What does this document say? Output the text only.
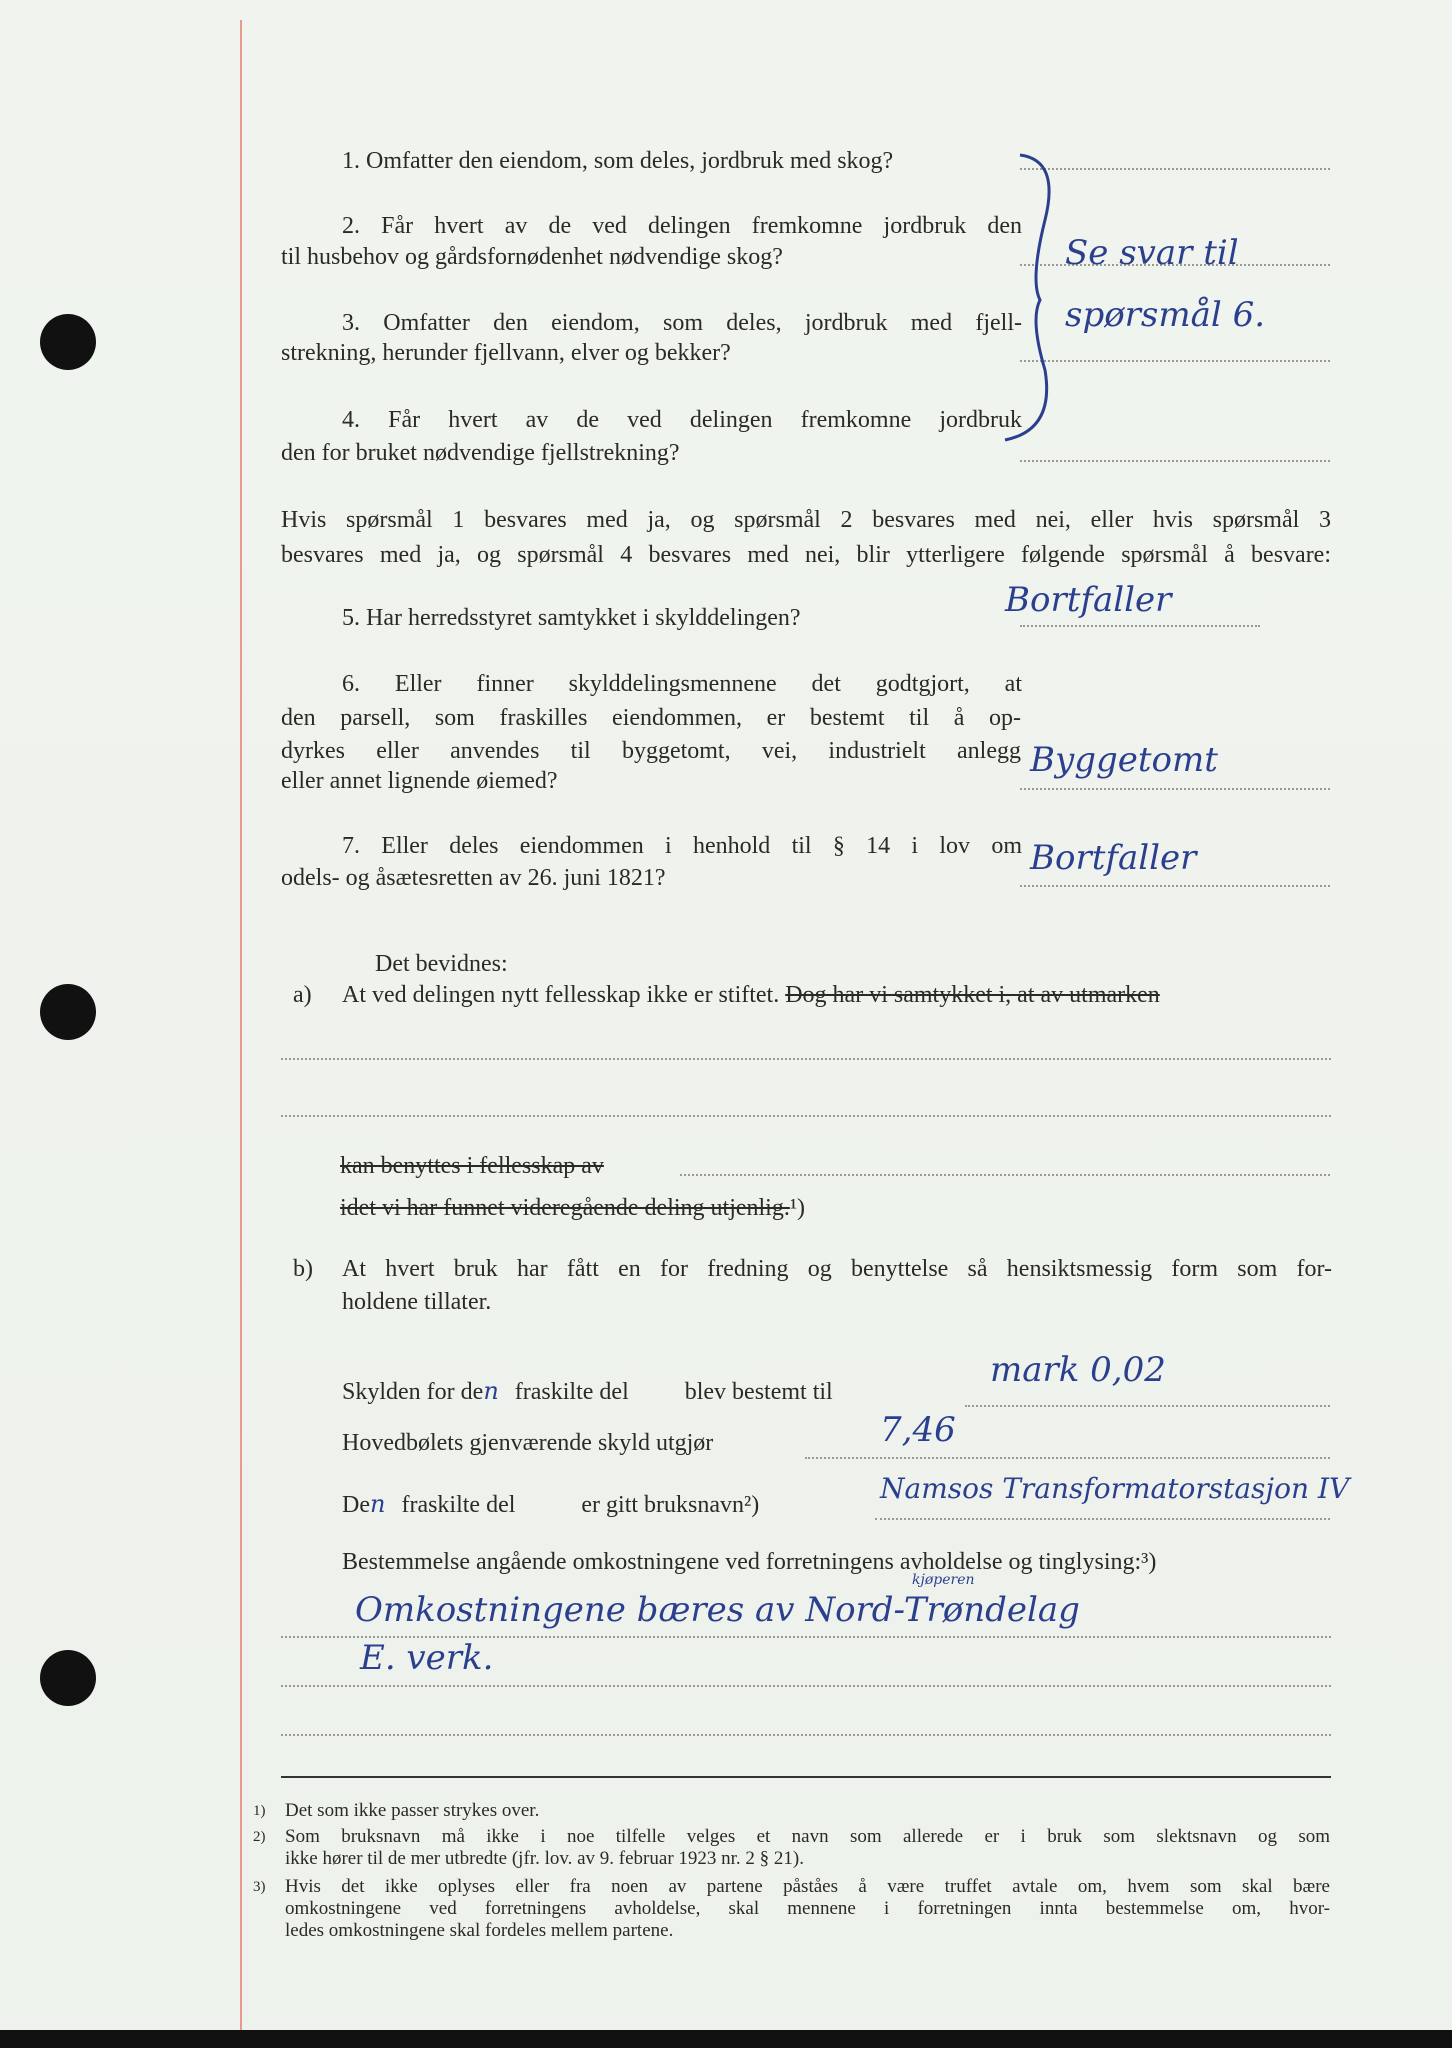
1. Omfatter den eiendom, som deles, jordbruk med skog?
2. Får hvert av de ved delingen fremkomne jordbruk den
til husbehov og gårdsfornødenhet nødvendige skog?
3. Omfatter den eiendom, som deles, jordbruk med fjell-
strekning, herunder fjellvann, elver og bekker?
4. Får hvert av de ved delingen fremkomne jordbruk
den for bruket nødvendige fjellstrekning?
Se svar til spørsmål 6.
Hvis spørsmål 1 besvares med ja, og spørsmål 2 besvares med nei, eller hvis spørsmål 3
besvares med ja, og spørsmål 4 besvares med nei, blir ytterligere følgende spørsmål å besvare:
5. Har herredsstyret samtykket i skylddelingen?	Bortfaller
6. Eller finner skylddelingsmennene det godtgjort, at
den parsell, som fraskilles eiendommen, er bestemt til å op-
dyrkes eller anvendes til byggetomt, vei, industrielt anlegg
eller annet lignende øiemed?
Byggetomt
7. Eller deles eiendommen i henhold til § 14 i lov om
odels- og åsætesretten av 26. juni 1821?	Bortfaller
Det bevidnes:
a) At ved delingen nytt fellesskap ikke er stiftet. Dog har vi samtykket i, at av utmarken
kan benyttes i fellesskap av
idet vi har funnet videregående deling utjenlig.¹)
b) At hvert bruk har fått en for fredning og benyttelse så hensiktsmessig form som for-
holdene tillater.
Skylden for den fraskilte del blev bestemt til
mark 0,02
Hovedbølets gjenværende skyld utgjør	7,46
Den fraskilte del	er gitt bruksnavn²)	Namsos Transformatorstasjon IV
Bestemmelse angående omkostningene ved forretningens avholdelse og tinglysing:³)
kjøperen
Omkostningene bæres av Nord-Trøndelag
E. verk.
1) Det som ikke passer strykes over.
2) Som bruksnavn må ikke i noe tilfelle velges et navn som allerede er i bruk som slektsnavn og som
ikke hører til de mer utbredte (jfr. lov. av 9. februar 1923 nr. 2 § 21).
3) Hvis det ikke oplyses eller fra noen av partene påståes å være truffet avtale om, hvem som skal bære
omkostningene ved forretningens avholdelse, skal mennene i forretningen innta bestemmelse om, hvor-
ledes omkostningene skal fordeles mellem partene.
